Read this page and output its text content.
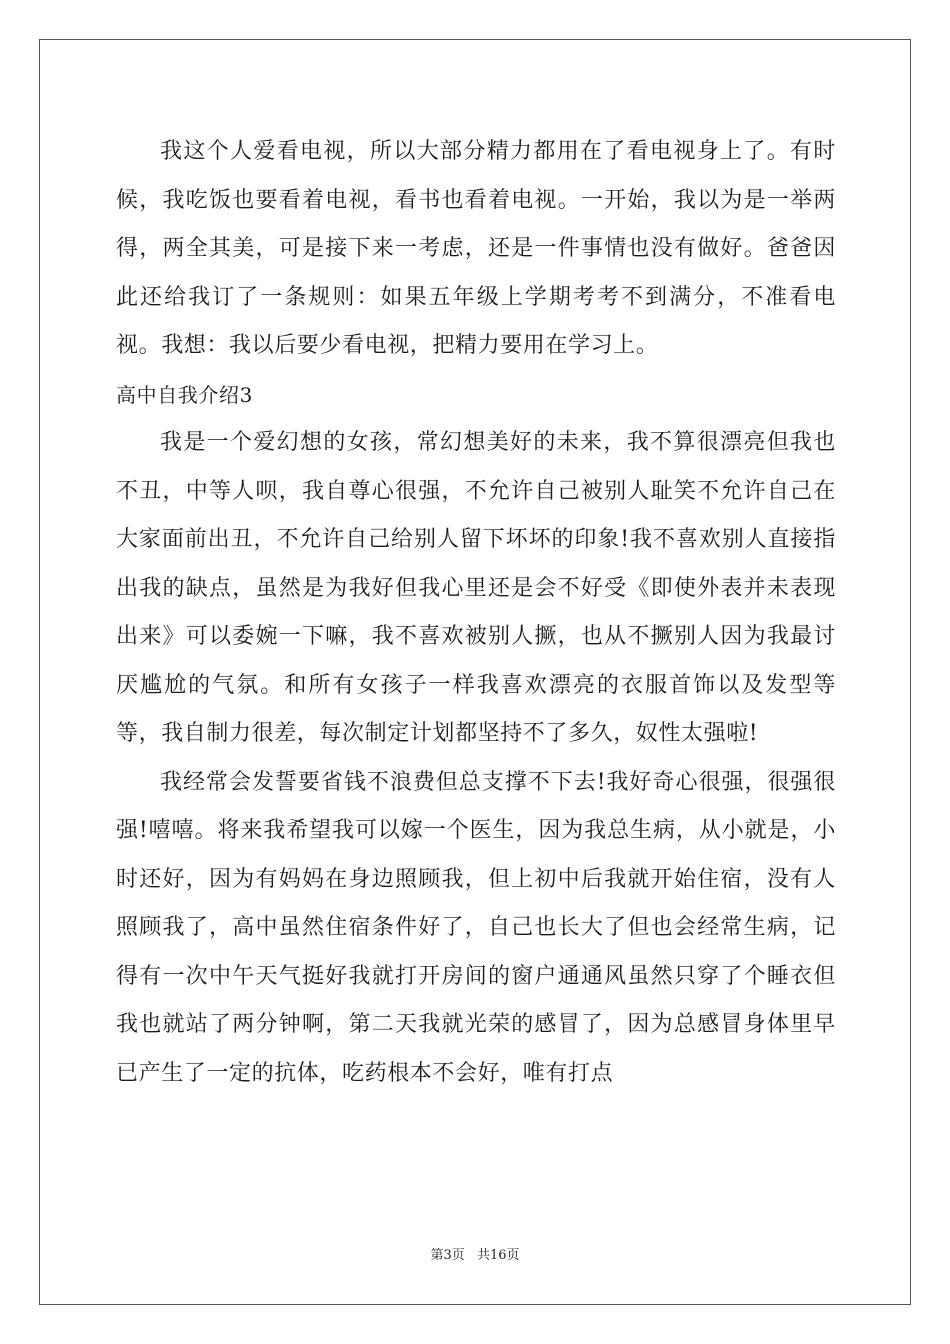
我这个人爱看电视，所以大部分精力都用在了看电视身上了。有时候，我吃饭也要看着电视，看书也看着电视。一开始，我以为是一举两得，两全其美，可是接下来一考虑，还是一件事情也没有做好。爸爸因此还给我订了一条规则：如果五年级上学期考考不到满分，不准看电视。我想：我以后要少看电视，把精力要用在学习上。

高中自我介绍3

我是一个爱幻想的女孩，常幻想美好的未来，我不算很漂亮但我也不丑，中等人呗，我自尊心很强，不允许自己被别人耻笑不允许自己在大家面前出丑，不允许自己给别人留下坏坏的印象!我不喜欢别人直接指出我的缺点，虽然是为我好但我心里还是会不好受《即使外表并未表现出来》可以委婉一下嘛，我不喜欢被别人撅，也从不撅别人因为我最讨厌尴尬的气氛。和所有女孩子一样我喜欢漂亮的衣服首饰以及发型等等，我自制力很差，每次制定计划都坚持不了多久，奴性太强啦!

我经常会发誓要省钱不浪费但总支撑不下去!我好奇心很强，很强很强!嘻嘻。将来我希望我可以嫁一个医生，因为我总生病，从小就是，小时还好，因为有妈妈在身边照顾我，但上初中后我就开始住宿，没有人照顾我了，高中虽然住宿条件好了，自己也长大了但也会经常生病，记得有一次中午天气挺好我就打开房间的窗户通通风虽然只穿了个睡衣但我也就站了两分钟啊，第二天我就光荣的感冒了，因为总感冒身体里早已产生了一定的抗体，吃药根本不会好，唯有打点

第3页 共16页
